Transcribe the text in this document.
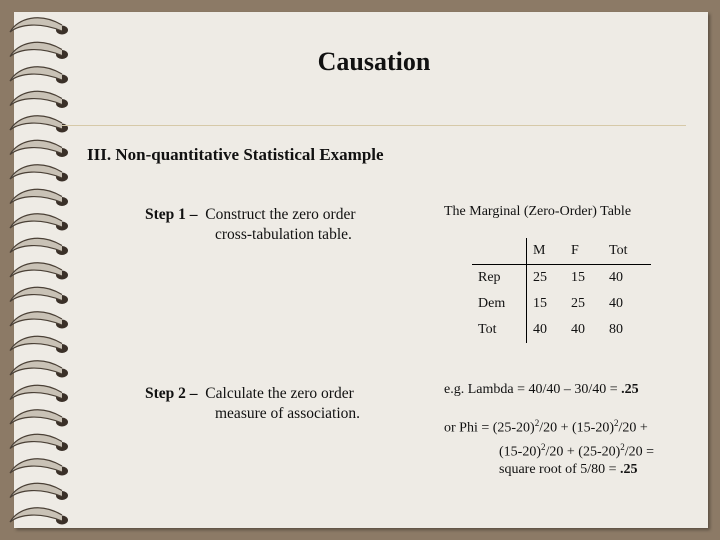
Causation
III. Non-quantitative Statistical Example
Step 1 – Construct the zero order
cross-tabulation table.
Step 2 – Calculate the zero order
measure of association.
The Marginal (Zero-Order) Table
	M	F	Tot
Rep	25	15	40
Dem	15	25	40
Tot	40	40	80
e.g. Lambda = 40/40 – 30/40 = .25
or Phi = $(25-20)^2/20 + (15-20)^2/20$ +
$(15-20)^2/20 + (25-20)^2/20$ =
square root of 5/80 = .25
